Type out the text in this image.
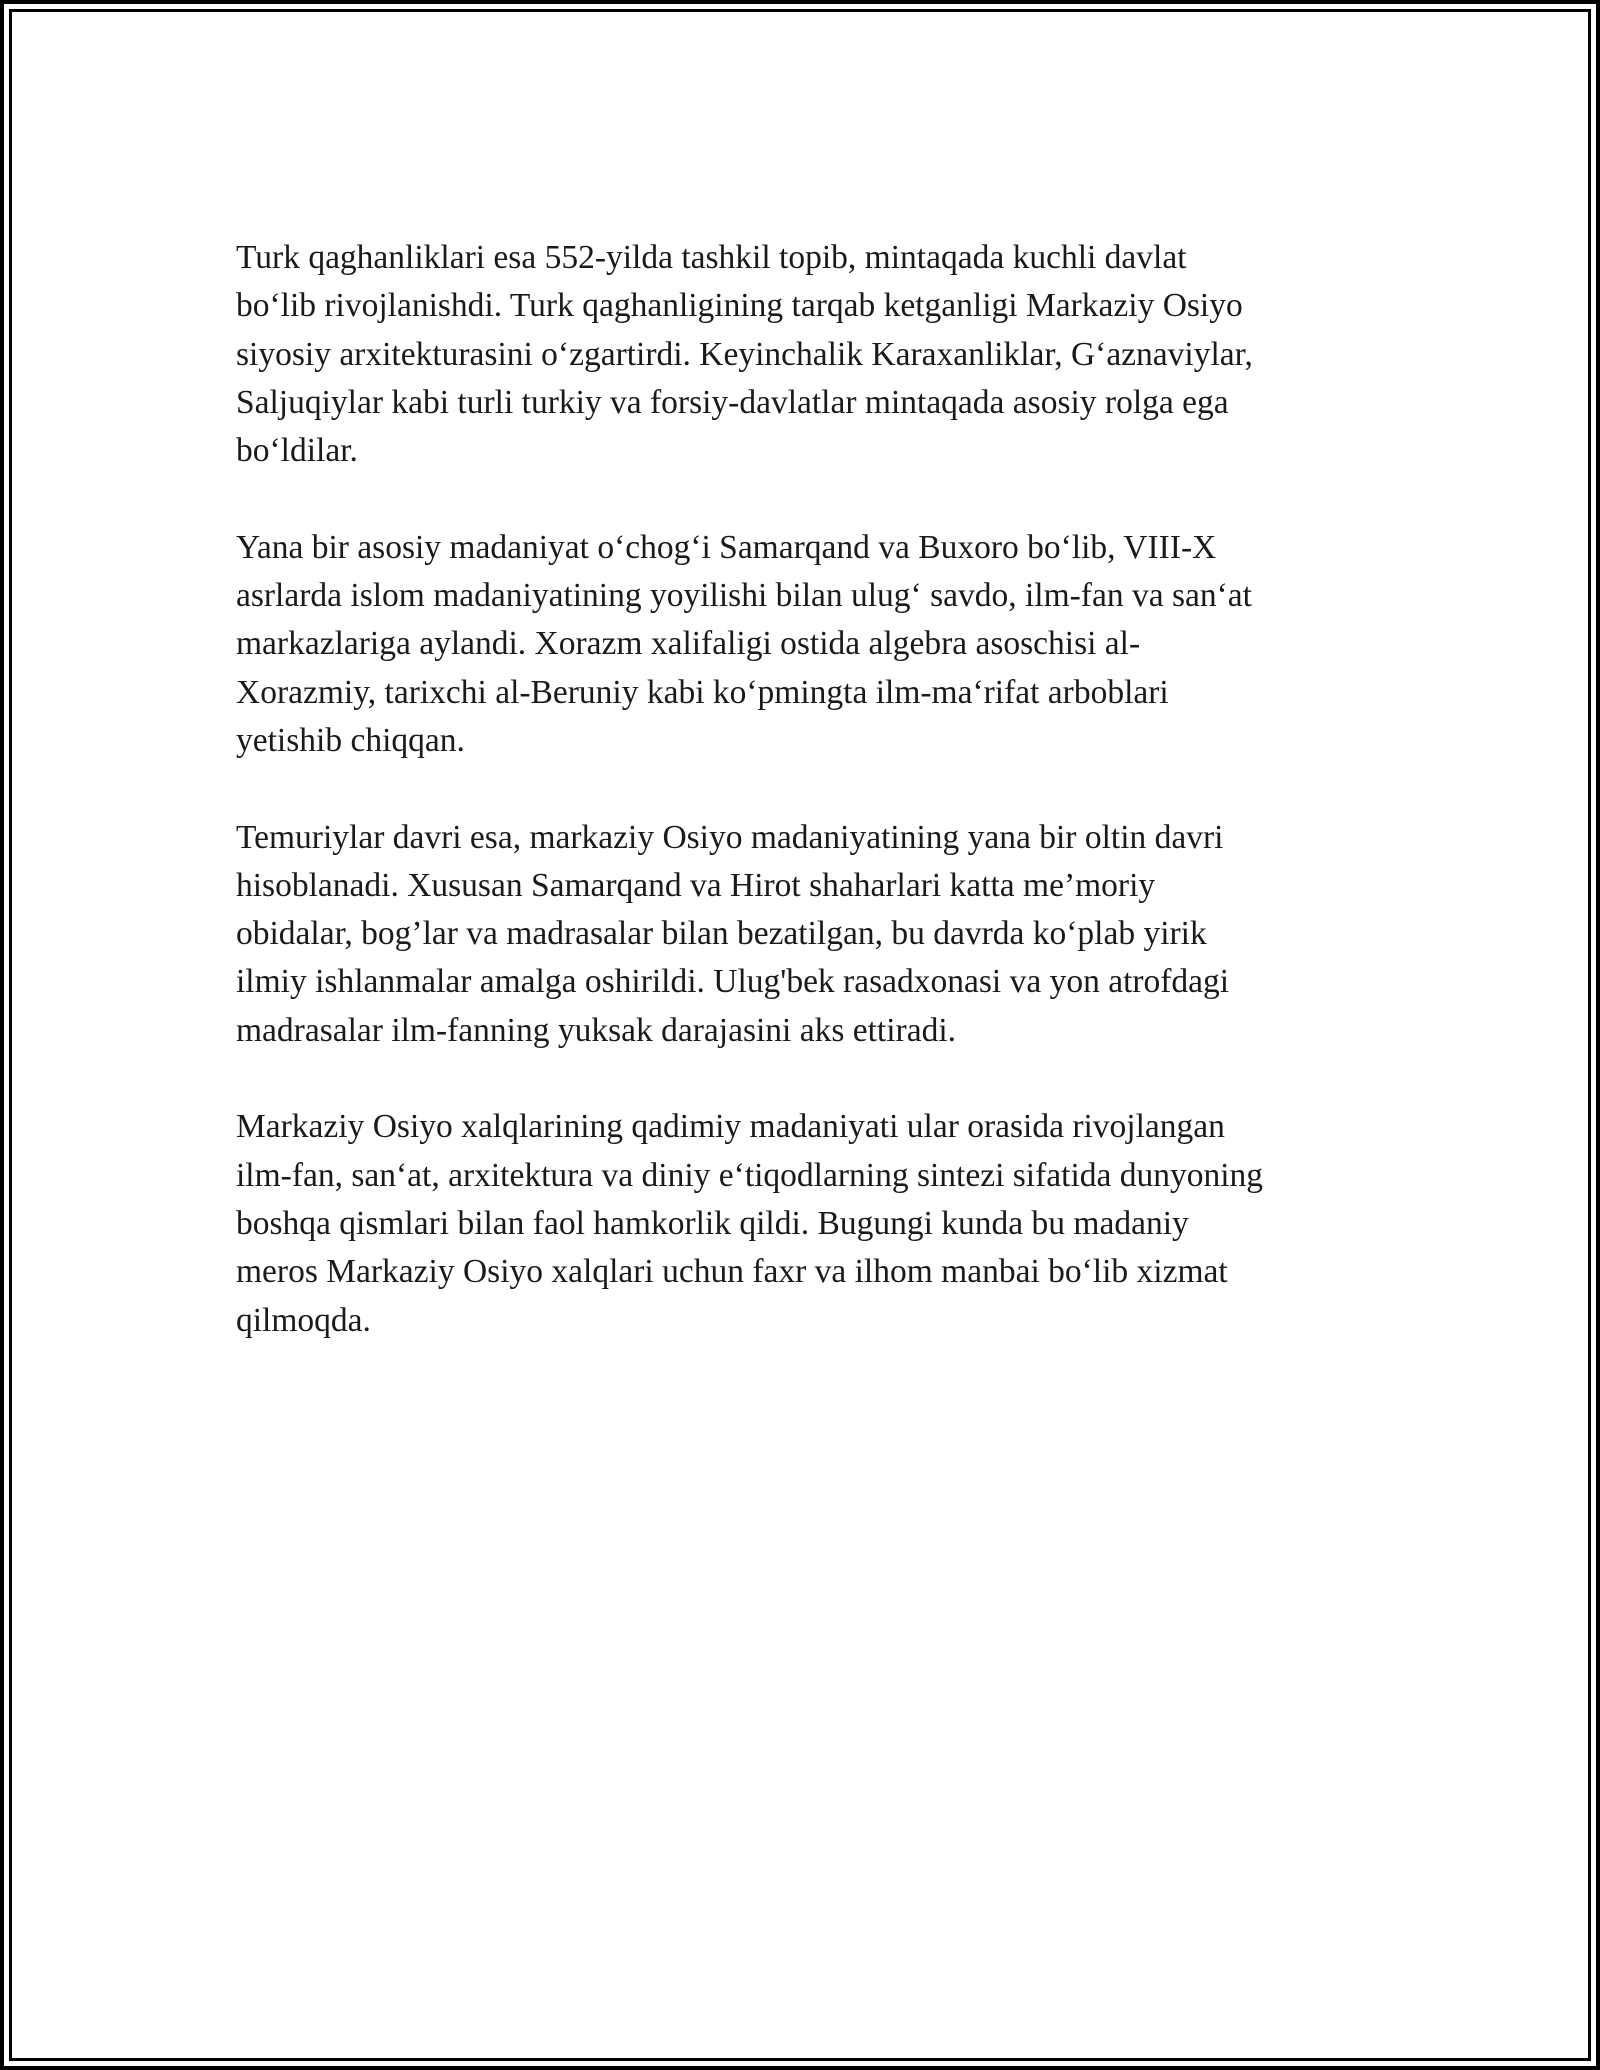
Turk qaghanliklari esa 552-yilda tashkil topib, mintaqada kuchli davlat
bo‘lib rivojlanishdi. Turk qaghanligining tarqab ketganligi Markaziy Osiyo
siyosiy arxitekturasini o‘zgartirdi. Keyinchalik Karaxanliklar, G‘aznaviylar,
Saljuqiylar kabi turli turkiy va forsiy-davlatlar mintaqada asosiy rolga ega
bo‘ldilar.

Yana bir asosiy madaniyat o‘chog‘i Samarqand va Buxoro bo‘lib, VIII-X
asrlarda islom madaniyatining yoyilishi bilan ulug‘ savdo, ilm-fan va san‘at
markazlariga aylandi. Xorazm xalifaligi ostida algebra asoschisi al-
Xorazmiy, tarixchi al-Beruniy kabi ko‘pmingta ilm-ma‘rifat arboblari
yetishib chiqqan.

Temuriylar davri esa, markaziy Osiyo madaniyatining yana bir oltin davri
hisoblanadi. Xususan Samarqand va Hirot shaharlari katta me’moriy
obidalar, bog’lar va madrasalar bilan bezatilgan, bu davrda ko‘plab yirik
ilmiy ishlanmalar amalga oshirildi. Ulug'bek rasadxonasi va yon atrofdagi
madrasalar ilm-fanning yuksak darajasini aks ettiradi.

Markaziy Osiyo xalqlarining qadimiy madaniyati ular orasida rivojlangan
ilm-fan, san‘at, arxitektura va diniy e‘tiqodlarning sintezi sifatida dunyoning
boshqa qismlari bilan faol hamkorlik qildi. Bugungi kunda bu madaniy
meros Markaziy Osiyo xalqlari uchun faxr va ilhom manbai bo‘lib xizmat
qilmoqda.
